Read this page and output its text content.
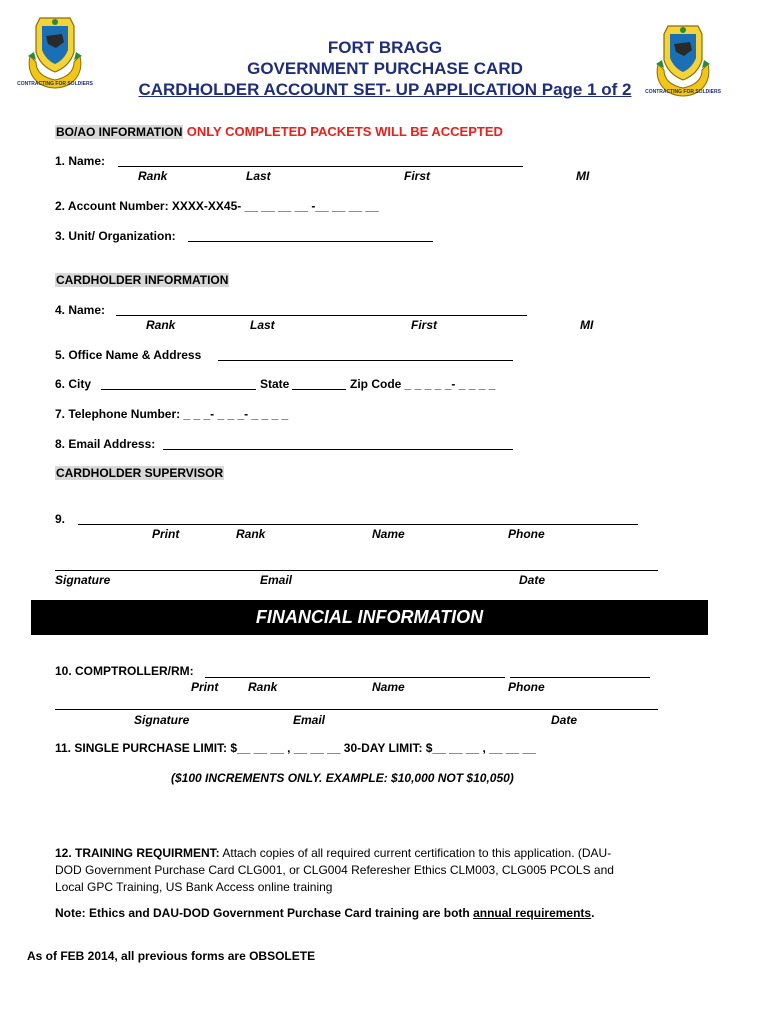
CONTRACTING FOR SOLDIERS
CONTRACTING FOR SOLDIERS
FORT BRAGG
GOVERNMENT PURCHASE CARD
CARDHOLDER ACCOUNT SET- UP APPLICATION Page 1 of 2
BO/AO INFORMATION ONLY COMPLETED PACKETS WILL BE ACCEPTED
1. Name:
Rank	Last	First	MI
2. Account Number: XXXX-XX45- __ __ __ __ -__ __ __ __
3. Unit/ Organization:
CARDHOLDER INFORMATION
4. Name:
Rank	Last	First	MI
5. Office Name & Address
6. City	State	Zip Code _ _ _ _ _- _ _ _ _
7. Telephone Number: _ _ _- _ _ _- _ _ _ _
8. Email Address:
CARDHOLDER SUPERVISOR
9.
Print	Rank	Name	Phone
Signature	Email	Date
FINANCIAL INFORMATION
10. COMPTROLLER/RM:
Print Rank	Name	Phone
Signature	Email	Date
11. SINGLE PURCHASE LIMIT: $__ __ __ , __ __ __ 30-DAY LIMIT: $__ __ __ , __ __ __
($100 INCREMENTS ONLY. EXAMPLE: $10,000 NOT $10,050)
12. TRAINING REQUIRMENT: Attach copies of all required current certification to this application. (DAU-
DOD Government Purchase Card CLG001, or CLG004 Referesher Ethics CLM003, CLG005 PCOLS and
Local GPC Training, US Bank Access online training
Note: Ethics and DAU-DOD Government Purchase Card training are both annual requirements.
As of FEB 2014, all previous forms are OBSOLETE
